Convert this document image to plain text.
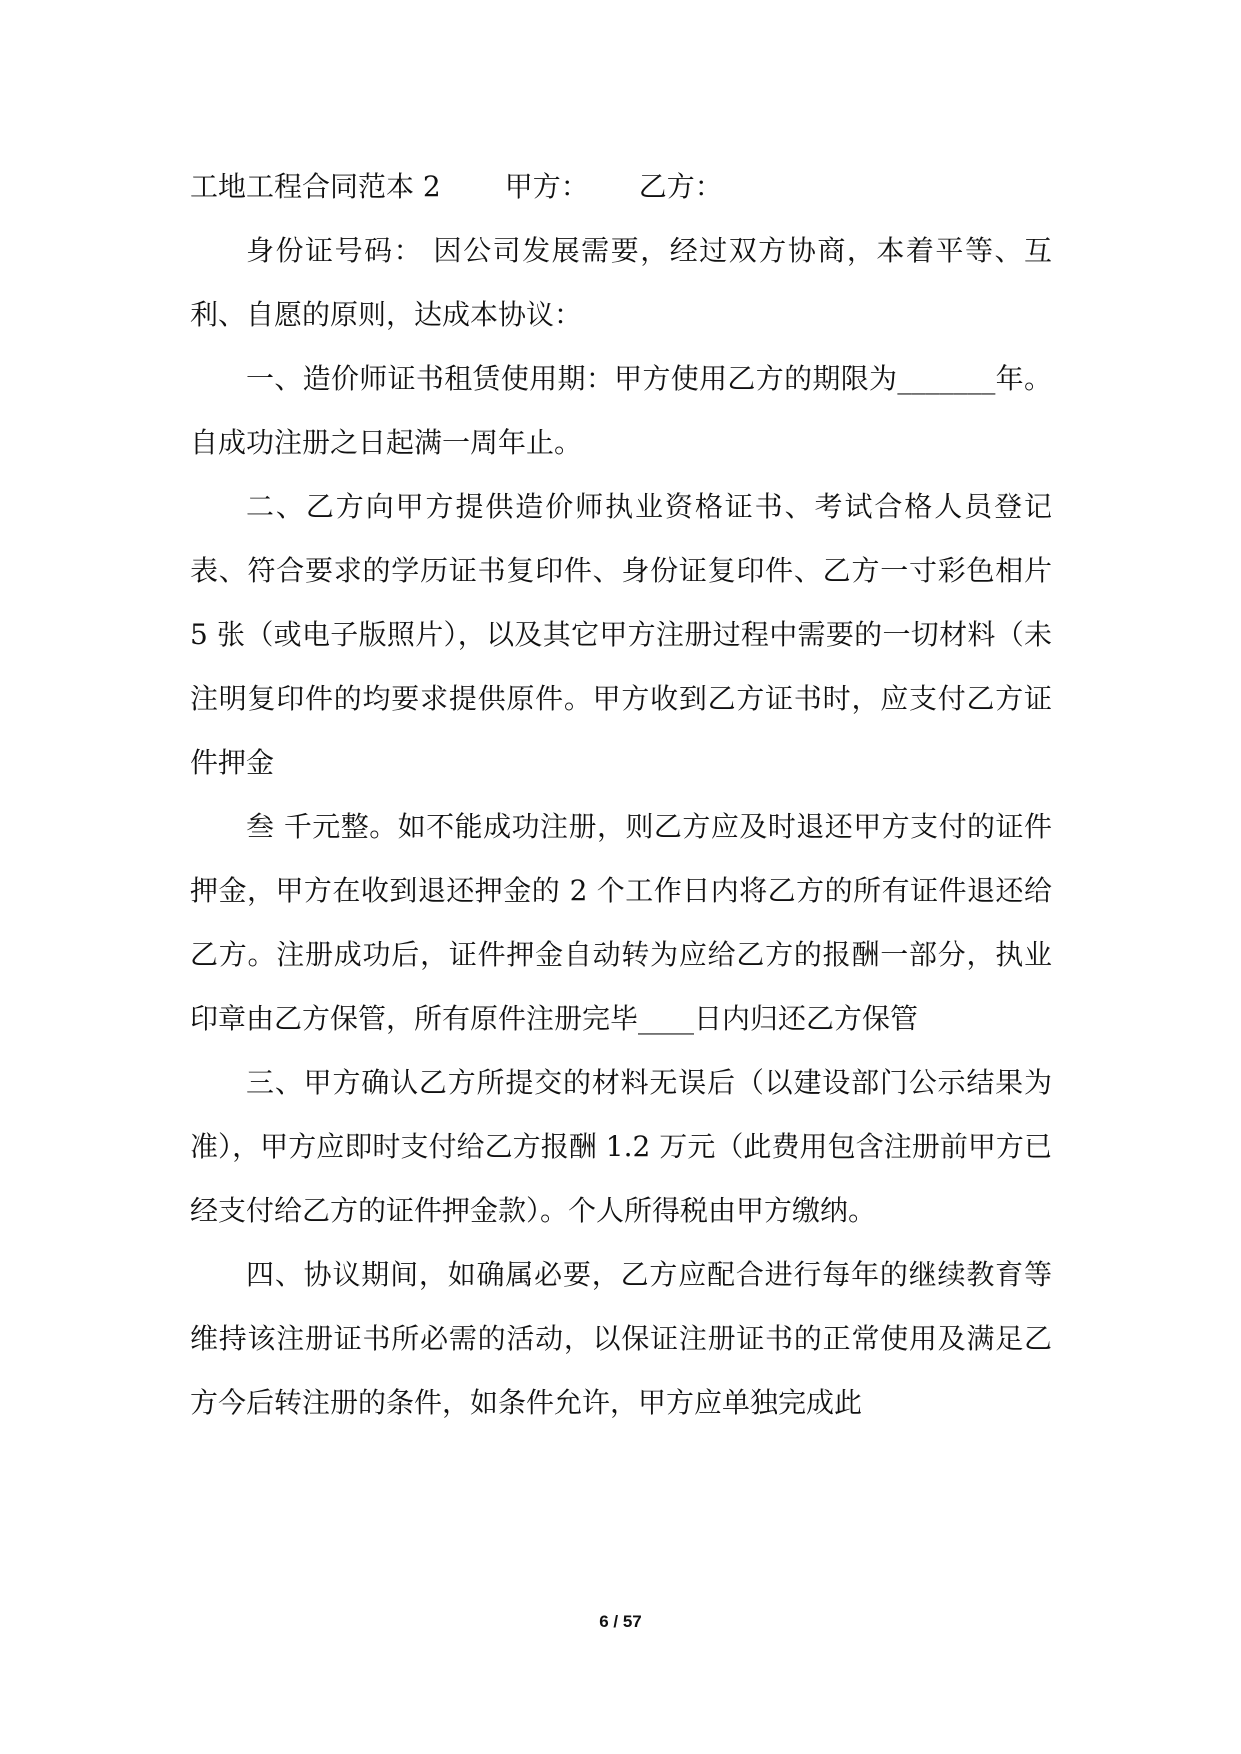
工地工程合同范本 2 甲方： 乙方：

身份证号码： 因公司发展需要，经过双方协商，本着平等、互利、自愿的原则，达成本协议：

一、造价师证书租赁使用期：甲方使用乙方的期限为_______年。自成功注册之日起满一周年止。

二、乙方向甲方提供造价师执业资格证书、考试合格人员登记表、符合要求的学历证书复印件、身份证复印件、乙方一寸彩色相片 5 张（或电子版照片），以及其它甲方注册过程中需要的一切材料（未注明复印件的均要求提供原件。甲方收到乙方证书时，应支付乙方证件押金

叁 千元整。如不能成功注册，则乙方应及时退还甲方支付的证件押金，甲方在收到退还押金的 2 个工作日内将乙方的所有证件退还给乙方。注册成功后，证件押金自动转为应给乙方的报酬一部分，执业印章由乙方保管，所有原件注册完毕____日内归还乙方保管

三、甲方确认乙方所提交的材料无误后（以建设部门公示结果为准），甲方应即时支付给乙方报酬 1.2 万元（此费用包含注册前甲方已经支付给乙方的证件押金款）。个人所得税由甲方缴纳。

四、协议期间，如确属必要，乙方应配合进行每年的继续教育等维持该注册证书所必需的活动，以保证注册证书的正常使用及满足乙方今后转注册的条件，如条件允许，甲方应单独完成此

6 / 57
